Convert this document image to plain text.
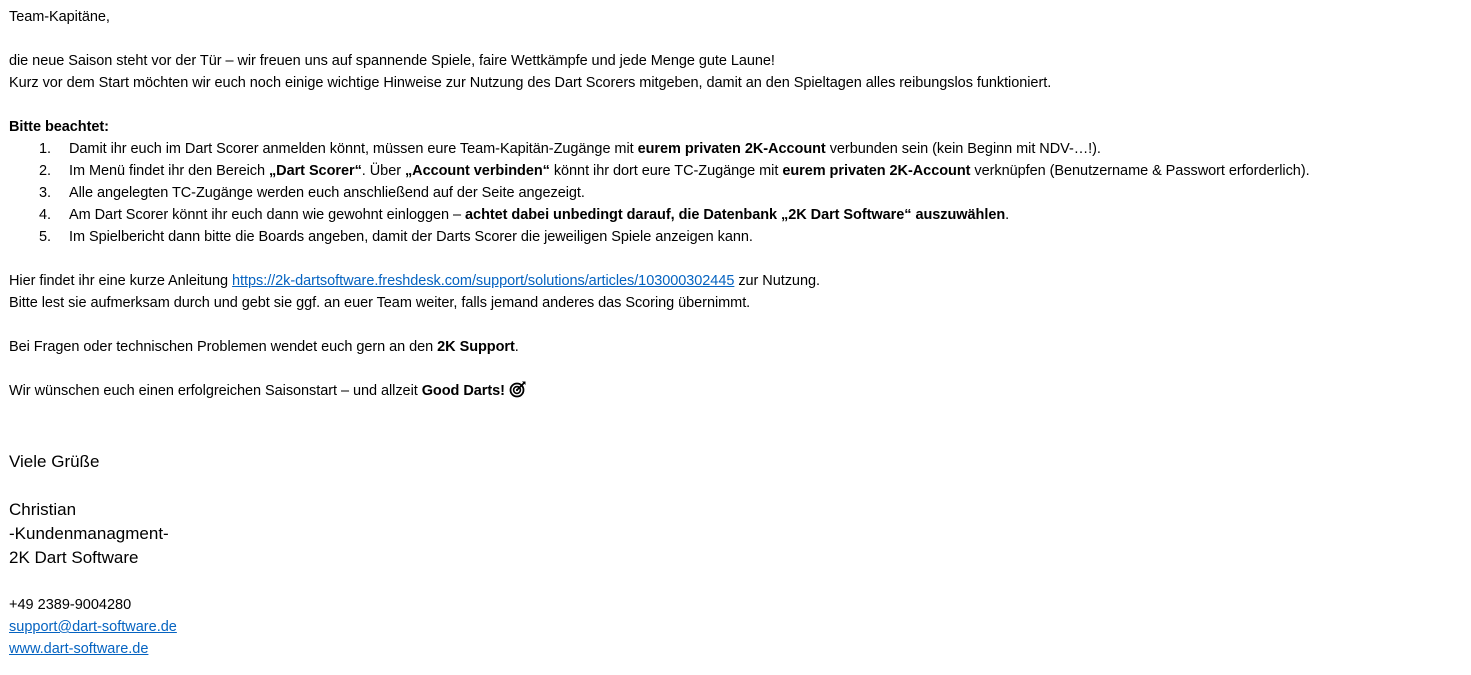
Team-Kapitäne,
die neue Saison steht vor der Tür – wir freuen uns auf spannende Spiele, faire Wettkämpfe und jede Menge gute Laune!
Kurz vor dem Start möchten wir euch noch einige wichtige Hinweise zur Nutzung des Dart Scorers mitgeben, damit an den Spieltagen alles reibungslos funktioniert.
Bitte beachtet:
1. Damit ihr euch im Dart Scorer anmelden könnt, müssen eure Team-Kapitän-Zugänge mit eurem privaten 2K-Account verbunden sein (kein Beginn mit NDV-…!).
2. Im Menü findet ihr den Bereich „Dart Scorer“. Über „Account verbinden“ könnt ihr dort eure TC-Zugänge mit eurem privaten 2K-Account verknüpfen (Benutzername & Passwort erforderlich).
3. Alle angelegten TC-Zugänge werden euch anschließend auf der Seite angezeigt.
4. Am Dart Scorer könnt ihr euch dann wie gewohnt einloggen – achtet dabei unbedingt darauf, die Datenbank „2K Dart Software“ auszuwählen.
5. Im Spielbericht dann bitte die Boards angeben, damit der Darts Scorer die jeweiligen Spiele anzeigen kann.
Hier findet ihr eine kurze Anleitung https://2k-dartsoftware.freshdesk.com/support/solutions/articles/103000302445 zur Nutzung.
Bitte lest sie aufmerksam durch und gebt sie ggf. an euer Team weiter, falls jemand anderes das Scoring übernimmt.
Bei Fragen oder technischen Problemen wendet euch gern an den 2K Support.
Wir wünschen euch einen erfolgreichen Saisonstart – und allzeit Good Darts!
Viele Grüße
Christian
-Kundenmanagment-
2K Dart Software
+49 2389-9004280
support@dart-software.de
www.dart-software.de
